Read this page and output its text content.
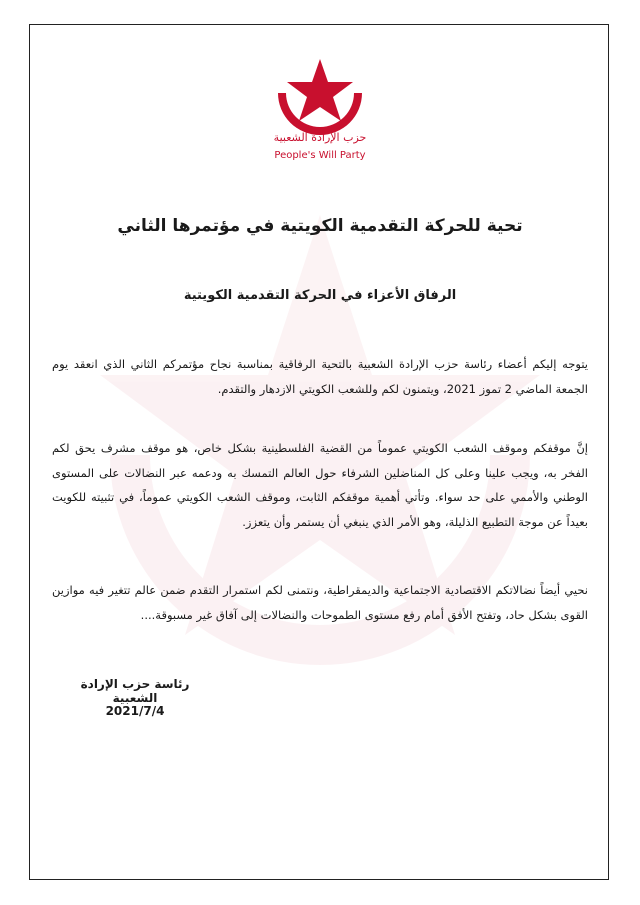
حزب الإرادة الشعبية
People's Will Party
تحية للحركة التقدمية الكويتية في مؤتمرها الثاني
الرفاق الأعزاء في الحركة التقدمية الكويتية
يتوجه إليكم أعضاء رئاسة حزب الإرادة الشعبية بالتحية الرفاقية بمناسبة نجاح مؤتمركم الثاني الذي انعقد يوم الجمعة الماضي 2 تموز 2021، ويتمنون لكم وللشعب الكويتي الازدهار والتقدم.
إنَّ موقفكم وموقف الشعب الكويتي عموماً من القضية الفلسطينية بشكل خاص، هو موقف مشرف يحق لكم الفخر به، ويجب علينا وعلى كل المناضلين الشرفاء حول العالم التمسك به ودعمه عبر النضالات على المستوى الوطني والأممي على حد سواء. وتأتي أهمية موقفكم الثابت، وموقف الشعب الكويتي عموماً، في تثبيته للكويت بعيداً عن موجة التطبيع الذليلة، وهو الأمر الذي ينبغي أن يستمر وأن يتعزز.
نحيي أيضاً نضالاتكم الاقتصادية الاجتماعية والديمقراطية، ونتمنى لكم استمرار التقدم ضمن عالم تتغير فيه موازين القوى بشكل حاد، وتفتح الأفق أمام رفع مستوى الطموحات والنضالات إلى آفاق غير مسبوقة....
رئاسة حزب الإرادة الشعبية
2021/7/4
